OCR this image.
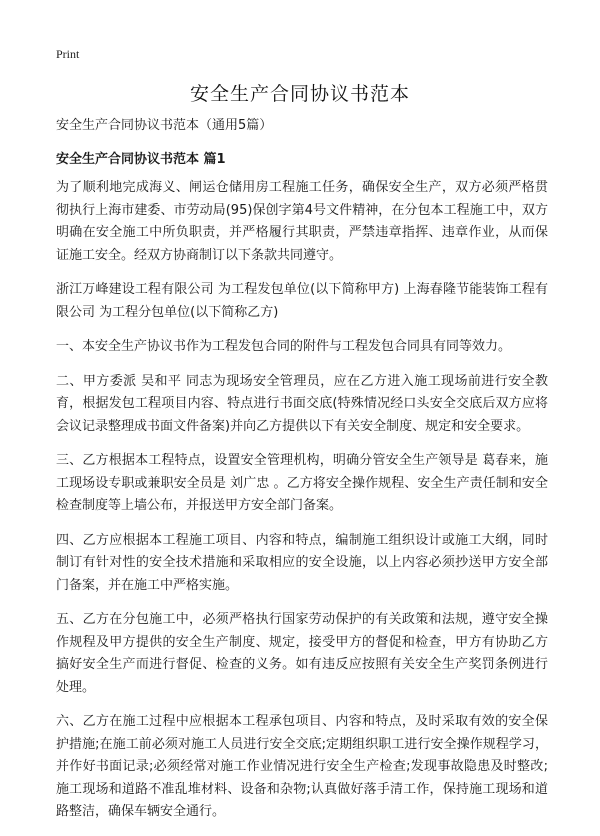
Print
安全生产合同协议书范本

安全生产合同协议书范本（通用5篇）

安全生产合同协议书范本 篇1

为了顺利地完成海义、闸运仓储用房工程施工任务，确保安全生产，双方必须严格贯彻执行上海市建委、市劳动局(95)保创字第4号文件精神，在分包本工程施工中，双方明确在安全施工中所负职责，并严格履行其职责，严禁违章指挥、违章作业，从而保证施工安全。经双方协商制订以下条款共同遵守。

浙江万峰建设工程有限公司 为工程发包单位(以下简称甲方) 上海春隆节能装饰工程有限公司 为工程分包单位(以下简称乙方)

一、本安全生产协议书作为工程发包合同的附件与工程发包合同具有同等效力。

二、甲方委派 吴和平 同志为现场安全管理员，应在乙方进入施工现场前进行安全教育，根据发包工程项目内容、特点进行书面交底(特殊情况经口头安全交底后双方应将会议记录整理成书面文件备案)并向乙方提供以下有关安全制度、规定和安全要求。

三、乙方根据本工程特点，设置安全管理机构，明确分管安全生产领导是 葛春来，施工现场设专职或兼职安全员是 刘广忠 。乙方将安全操作规程、安全生产责任制和安全检查制度等上墙公布，并报送甲方安全部门备案。

四、乙方应根据本工程施工项目、内容和特点，编制施工组织设计或施工大纲，同时制订有针对性的安全技术措施和采取相应的安全设施，以上内容必须抄送甲方安全部门备案，并在施工中严格实施。

五、乙方在分包施工中，必须严格执行国家劳动保护的有关政策和法规，遵守安全操作规程及甲方提供的安全生产制度、规定，接受甲方的督促和检查，甲方有协助乙方搞好安全生产而进行督促、检查的义务。如有违反应按照有关安全生产奖罚条例进行处理。

六、乙方在施工过程中应根据本工程承包项目、内容和特点，及时采取有效的安全保护措施;在施工前必须对施工人员进行安全交底;定期组织职工进行安全操作规程学习，并作好书面记录;必须经常对施工作业情况进行安全生产检查;发现事故隐患及时整改;施工现场和道路不准乱堆材料、设备和杂物;认真做好落手清工作，保持施工现场和道路整洁，确保车辆安全通行。
